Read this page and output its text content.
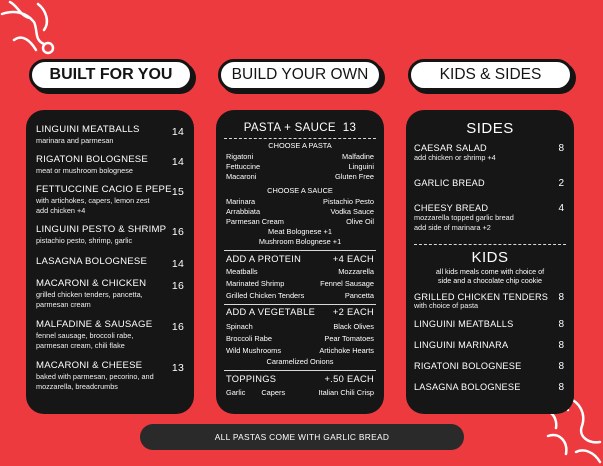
BUILT FOR YOU	BUILD YOUR OWN	KIDS & SIDES
LINGUINI MEATBALLS	14
marinara and parmesan
RIGATONI BOLOGNESE 14
meat or mushroom bolognese
FETTUCCINE CACIO E PEPE 15
with artichokes, capers, lemon zest
add chicken +4
LINGUINI PESTO & SHRIMP 16
pistachio pesto, shrimp, garlic
LASAGNA BOLOGNESE 14
MACARONI & CHICKEN 16
grilled chicken tenders, pancetta,
parmesan cream
MALFADINE & SAUSAGE 16
fennel sausage, broccoli rabe,
parmesan cream, chili flake
MACARONI & CHEESE	13
baked with parmesan, pecorino, and
mozzarella, breadcrumbs
PASTA + SAUCE 13
CHOOSE A PASTA
Rigatoni	Malfadine
Fettuccine	Linguini
Macaroni	Gluten Free
CHOOSE A SAUCE
Marinara	Pistachio Pesto
Arrabbiata	Vodka Sauce
Parmesan Cream	Olive Oil
Meat Bolognese +1
Mushroom Bolognese +1
ADD A PROTEIN	+4 EACH
Meatballs	Mozzarella
Marinated Shrimp	Fennel Sausage
Grilled Chicken Tenders	Pancetta
ADD A VEGETABLE +2 EACH
Spinach	Black Olives
Broccoli Rabe	Pear Tomatoes
Wild Mushrooms	Artichoke Hearts
Caramelized Onions
TOPPINGS	+.50 EACH
Garlic Capers	Italian Chili Crisp
SIDES
CAESAR SALAD	8
add chicken or shrimp +4
GARLIC BREAD	2
CHEESY BREAD	4
mozzarella topped garlic bread
add side of marinara +2
KIDS
all kids meals come with choice of
side and a chocolate chip cookie
GRILLED CHICKEN TENDERS	8
with choice of pasta
LINGUINI MEATBALLS	8
LINGUINI MARINARA	8
RIGATONI BOLOGNESE	8
LASAGNA BOLOGNESE	8
ALL PASTAS COME WITH GARLIC BREAD
